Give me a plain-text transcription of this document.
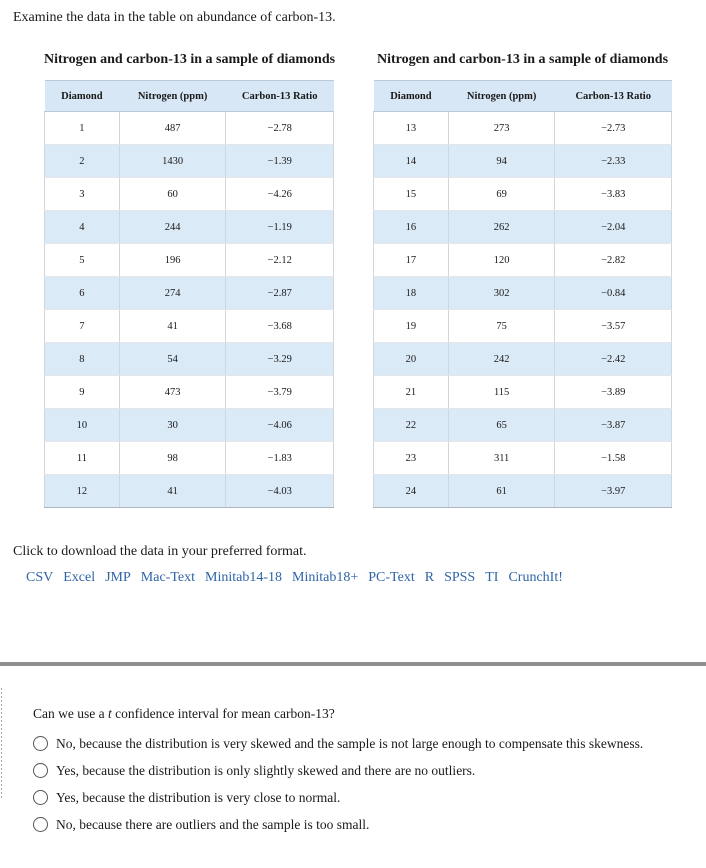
Examine the data in the table on abundance of carbon-13.
Nitrogen and carbon-13 in a sample of diamonds
Diamond	Nitrogen (ppm)	Carbon-13 Ratio
1	487	−2.78
2	1430	−1.39
3	60	−4.26
4	244	−1.19
5	196	−2.12
6	274	−2.87
7	41	−3.68
8	54	−3.29
9	473	−3.79
10	30	−4.06
11	98	−1.83
12	41	−4.03
Nitrogen and carbon-13 in a sample of diamonds
Diamond	Nitrogen (ppm)	Carbon-13 Ratio
13	273	−2.73
14	94	−2.33
15	69	−3.83
16	262	−2.04
17	120	−2.82
18	302	−0.84
19	75	−3.57
20	242	−2.42
21	115	−3.89
22	65	−3.87
23	311	−1.58
24	61	−3.97
Click to download the data in your preferred format.
CSV Excel JMP Mac-Text Minitab14-18 Minitab18+ PC-Text R SPSS TI CrunchIt!
Can we use a t confidence interval for mean carbon-13?
No, because the distribution is very skewed and the sample is not large enough to compensate this skewness.
Yes, because the distribution is only slightly skewed and there are no outliers.
Yes, because the distribution is very close to normal.
No, because there are outliers and the sample is too small.
